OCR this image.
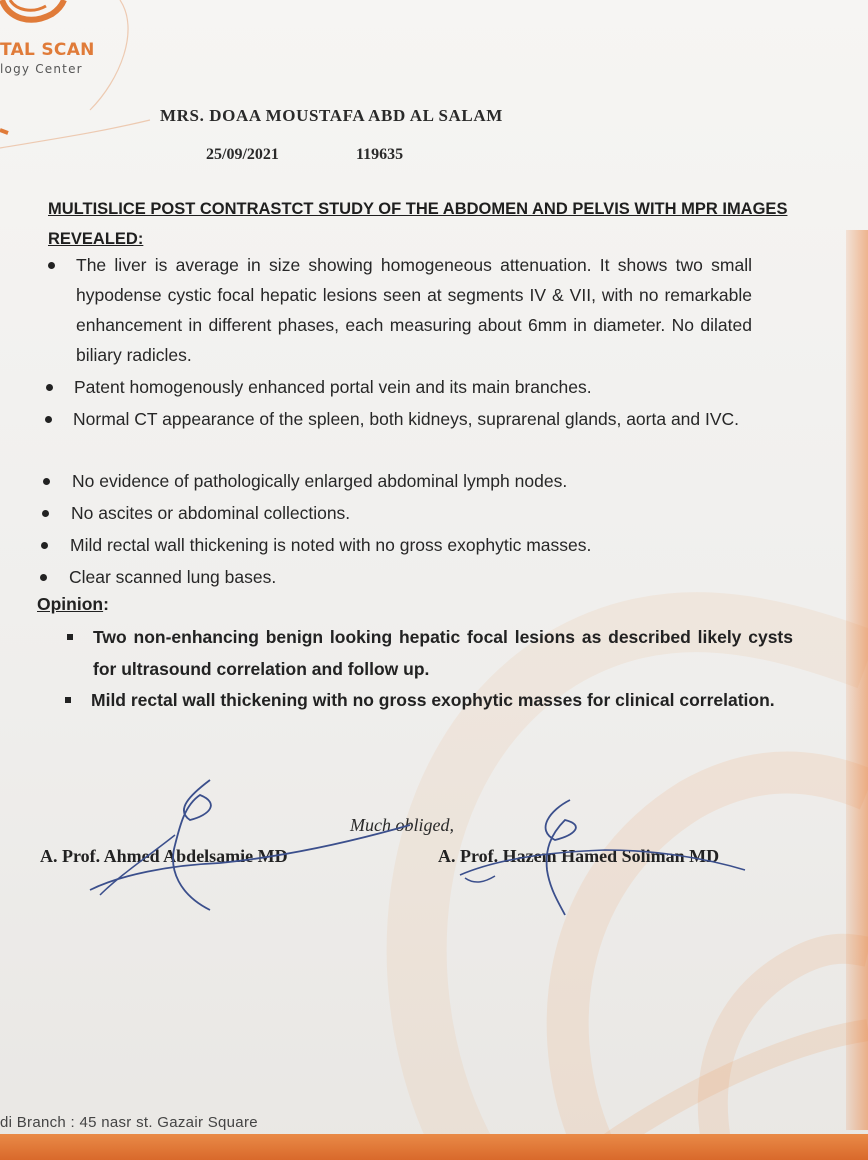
TAL SCAN
logy Center
MRS. DOAA MOUSTAFA ABD AL SALAM
25/09/2021	119635
MULTISLICE POST CONTRASTCT STUDY OF THE ABDOMEN AND PELVIS WITH MPR IMAGES REVEALED:
The liver is average in size showing homogeneous attenuation. It shows two small hypodense cystic focal hepatic lesions seen at segments IV & VII, with no remarkable enhancement in different phases, each measuring about 6mm in diameter. No dilated biliary radicles.
Patent homogenously enhanced portal vein and its main branches.
Normal CT appearance of the spleen, both kidneys, suprarenal glands, aorta and IVC.
No evidence of pathologically enlarged abdominal lymph nodes.
No ascites or abdominal collections.
Mild rectal wall thickening is noted with no gross exophytic masses.
Clear scanned lung bases.
Opinion:
Two non-enhancing benign looking hepatic focal lesions as described likely cysts for ultrasound correlation and follow up.
Mild rectal wall thickening with no gross exophytic masses for clinical correlation.
Much obliged,
A. Prof. Ahmed Abdelsamie MD	A. Prof. Hazem Hamed Soliman MD
di Branch : 45 nasr st. Gazair Square
